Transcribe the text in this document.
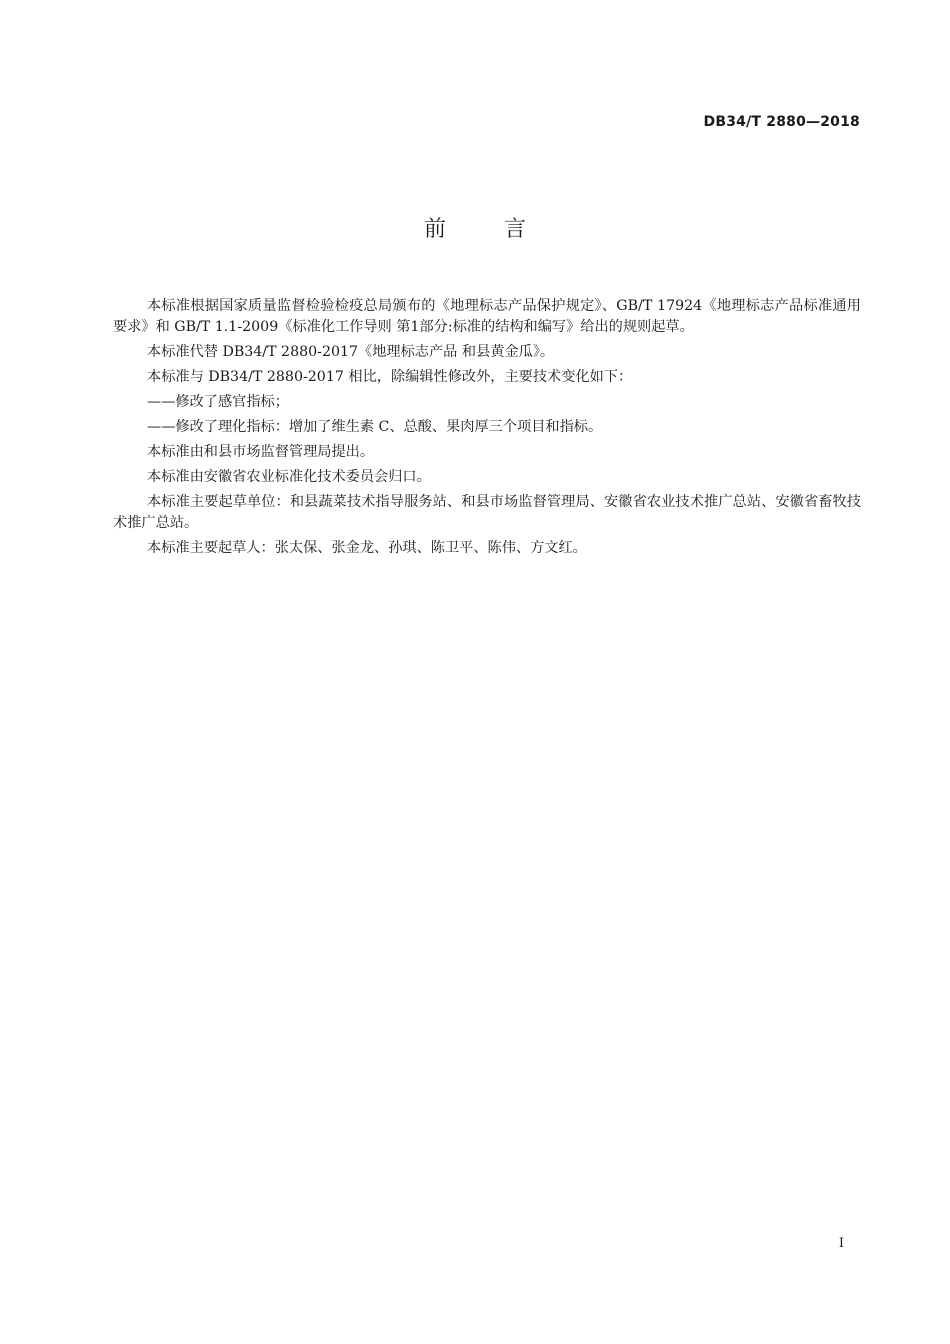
DB34/T 2880—2018
前言

本标准根据国家质量监督检验检疫总局颁布的《地理标志产品保护规定》、GB/T 17924《地理标志产品标准通用要求》和 GB/T 1.1-2009《标准化工作导则 第1部分:标准的结构和编写》给出的规则起草。

本标准代替 DB34/T 2880-2017《地理标志产品 和县黄金瓜》。

本标准与 DB34/T 2880-2017 相比，除编辑性修改外，主要技术变化如下：

——修改了感官指标；

——修改了理化指标：增加了维生素 C、总酸、果肉厚三个项目和指标。

本标准由和县市场监督管理局提出。

本标准由安徽省农业标准化技术委员会归口。

本标准主要起草单位：和县蔬菜技术指导服务站、和县市场监督管理局、安徽省农业技术推广总站、安徽省畜牧技术推广总站。

本标准主要起草人：张太保、张金龙、孙琪、陈卫平、陈伟、方文红。

I
